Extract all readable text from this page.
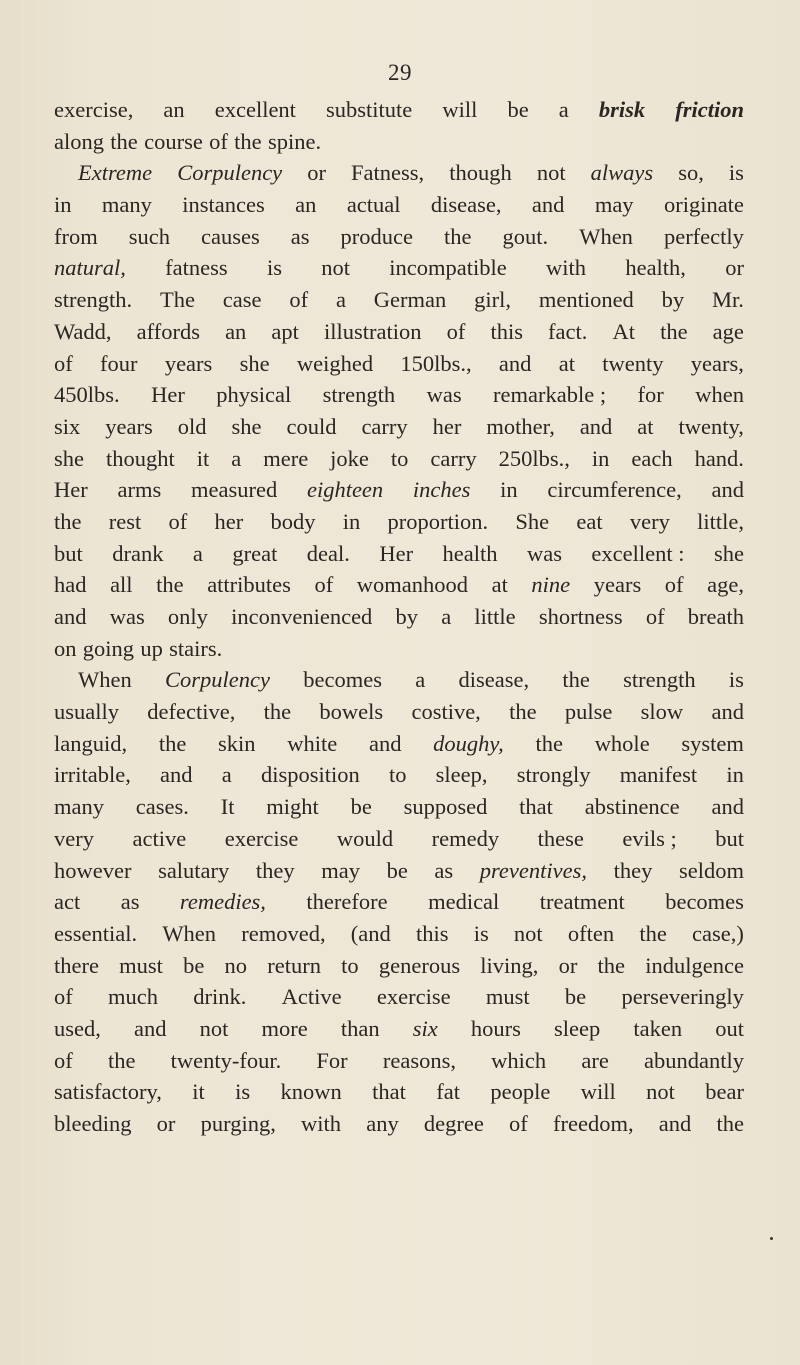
29
exercise, an excellent substitute will be a brisk friction
along the course of the spine.
Extreme Corpulency or Fatness, though not always so, is
in many instances an actual disease, and may originate
from such causes as produce the gout. When perfectly
natural, fatness is not incompatible with health, or
strength. The case of a German girl, mentioned by Mr.
Wadd, affords an apt illustration of this fact. At the age
of four years she weighed 150lbs., and at twenty years,
450lbs. Her physical strength was remarkable ; for when
six years old she could carry her mother, and at twenty,
she thought it a mere joke to carry 250lbs., in each hand.
Her arms measured eighteen inches in circumference, and
the rest of her body in proportion. She eat very little,
but drank a great deal. Her health was excellent : she
had all the attributes of womanhood at nine years of age,
and was only inconvenienced by a little shortness of breath
on going up stairs.
When Corpulency becomes a disease, the strength is
usually defective, the bowels costive, the pulse slow and
languid, the skin white and doughy, the whole system
irritable, and a disposition to sleep, strongly manifest in
many cases. It might be supposed that abstinence and
very active exercise would remedy these evils ; but
however salutary they may be as preventives, they seldom
act as remedies, therefore medical treatment becomes
essential. When removed, (and this is not often the case,)
there must be no return to generous living, or the indulgence
of much drink. Active exercise must be perseveringly
used, and not more than six hours sleep taken out
of the twenty-four. For reasons, which are abundantly
satisfactory, it is known that fat people will not bear
bleeding or purging, with any degree of freedom, and the
